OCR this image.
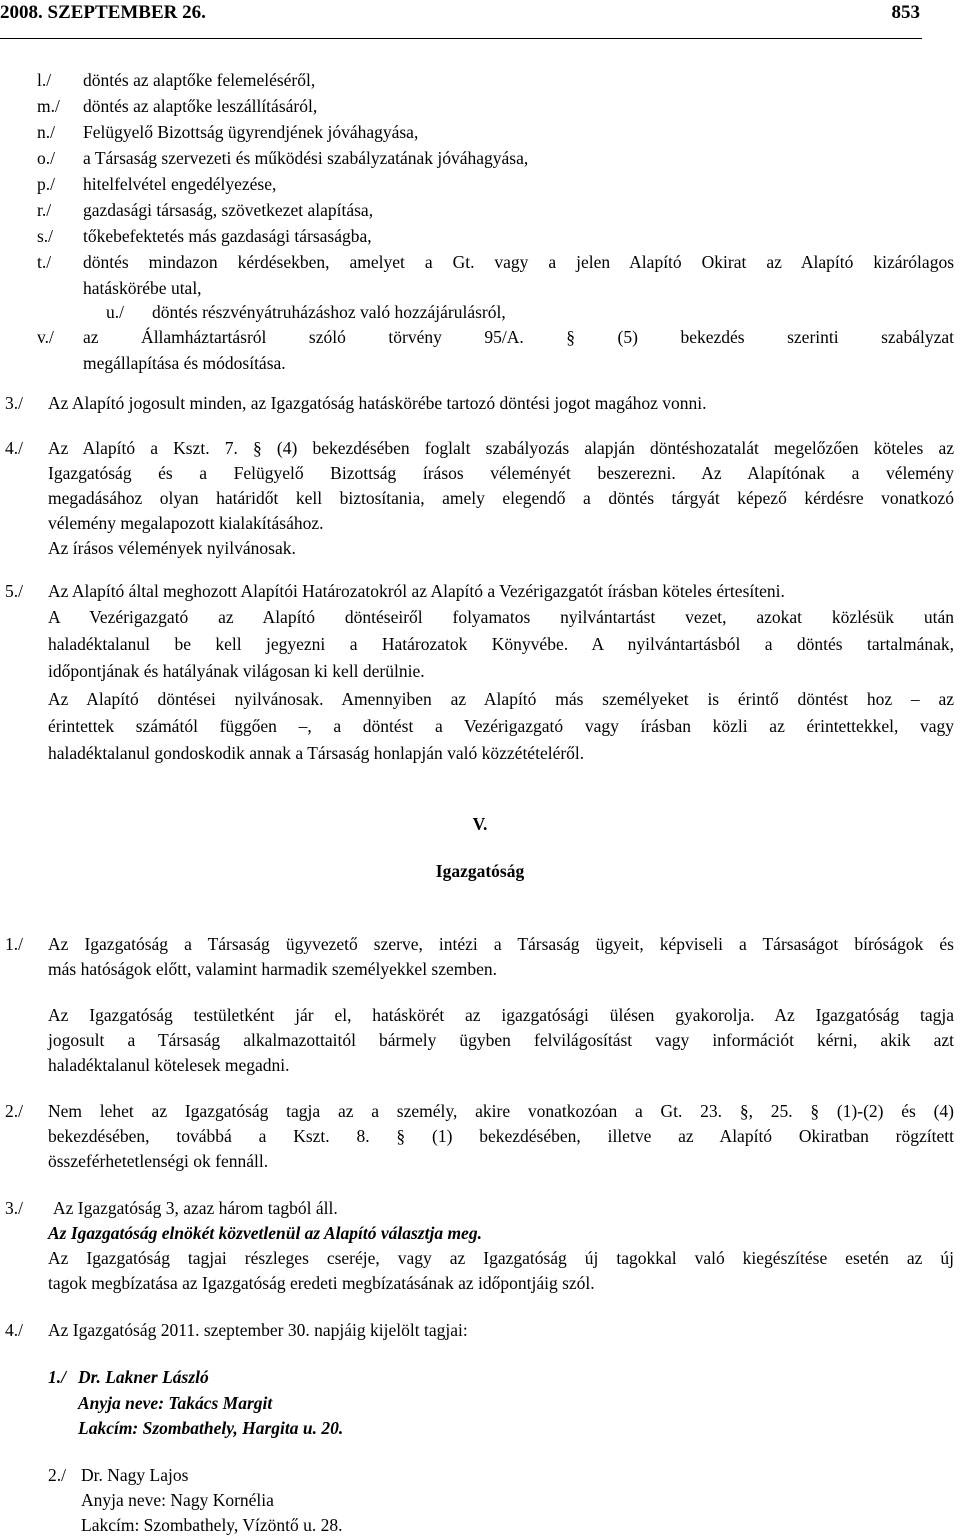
2008. SZEPTEMBER 26.	853
l./ döntés az alaptőke felemeléséről,
m./ döntés az alaptőke leszállításáról,
n./ Felügyelő Bizottság ügyrendjének jóváhagyása,
o./ a Társaság szervezeti és működési szabályzatának jóváhagyása,
p./ hitelfelvétel engedélyezése,
r./ gazdasági társaság, szövetkezet alapítása,
s./ tőkebefektetés más gazdasági társaságba,
t./ döntés mindazon kérdésekben, amelyet a Gt. vagy a jelen Alapító Okirat az Alapító kizárólagos
hatáskörébe utal,
u./ döntés részvényátruházáshoz való hozzájárulásról,
v./ az Államháztartásról szóló törvény 95/A. § (5) bekezdés szerinti szabályzat
megállapítása és módosítása.
3./ Az Alapító jogosult minden, az Igazgatóság hatáskörébe tartozó döntési jogot magához vonni.
4./ Az Alapító a Kszt. 7. § (4) bekezdésében foglalt szabályozás alapján döntéshozatalát megelőzően köteles az
Igazgatóság és a Felügyelő Bizottság írásos véleményét beszerezni. Az Alapítónak a vélemény
megadásához olyan határidőt kell biztosítania, amely elegendő a döntés tárgyát képező kérdésre vonatkozó
vélemény megalapozott kialakításához.
Az írásos vélemények nyilvánosak.
5./ Az Alapító által meghozott Alapítói Határozatokról az Alapító a Vezérigazgatót írásban köteles értesíteni.
A Vezérigazgató az Alapító döntéseiről folyamatos nyilvántartást vezet, azokat közlésük után
haladéktalanul be kell jegyezni a Határozatok Könyvébe. A nyilvántartásból a döntés tartalmának,
időpontjának és hatályának világosan ki kell derülnie.
Az Alapító döntései nyilvánosak. Amennyiben az Alapító más személyeket is érintő döntést hoz – az
érintettek számától függően –, a döntést a Vezérigazgató vagy írásban közli az érintettekkel, vagy
haladéktalanul gondoskodik annak a Társaság honlapján való közzétételéről.
V.
Igazgatóság
1./ Az Igazgatóság a Társaság ügyvezető szerve, intézi a Társaság ügyeit, képviseli a Társaságot bíróságok és
más hatóságok előtt, valamint harmadik személyekkel szemben.
Az Igazgatóság testületként jár el, hatáskörét az igazgatósági ülésen gyakorolja. Az Igazgatóság tagja
jogosult a Társaság alkalmazottaitól bármely ügyben felvilágosítást vagy információt kérni, akik azt
haladéktalanul kötelesek megadni.
2./ Nem lehet az Igazgatóság tagja az a személy, akire vonatkozóan a Gt. 23. §, 25. § (1)-(2) és (4)
bekezdésében, továbbá a Kszt. 8. § (1) bekezdésében, illetve az Alapító Okiratban rögzített
összeférhetetlenségi ok fennáll.
3./ Az Igazgatóság 3, azaz három tagból áll.
Az Igazgatóság elnökét közvetlenül az Alapító választja meg.
Az Igazgatóság tagjai részleges cseréje, vagy az Igazgatóság új tagokkal való kiegészítése esetén az új
tagok megbízatása az Igazgatóság eredeti megbízatásának az időpontjáig szól.
4./ Az Igazgatóság 2011. szeptember 30. napjáig kijelölt tagjai:
1./ Dr. Lakner László
Anyja neve: Takács Margit
Lakcím: Szombathely, Hargita u. 20.
2./ Dr. Nagy Lajos
Anyja neve: Nagy Kornélia
Lakcím: Szombathely, Vízöntő u. 28.
